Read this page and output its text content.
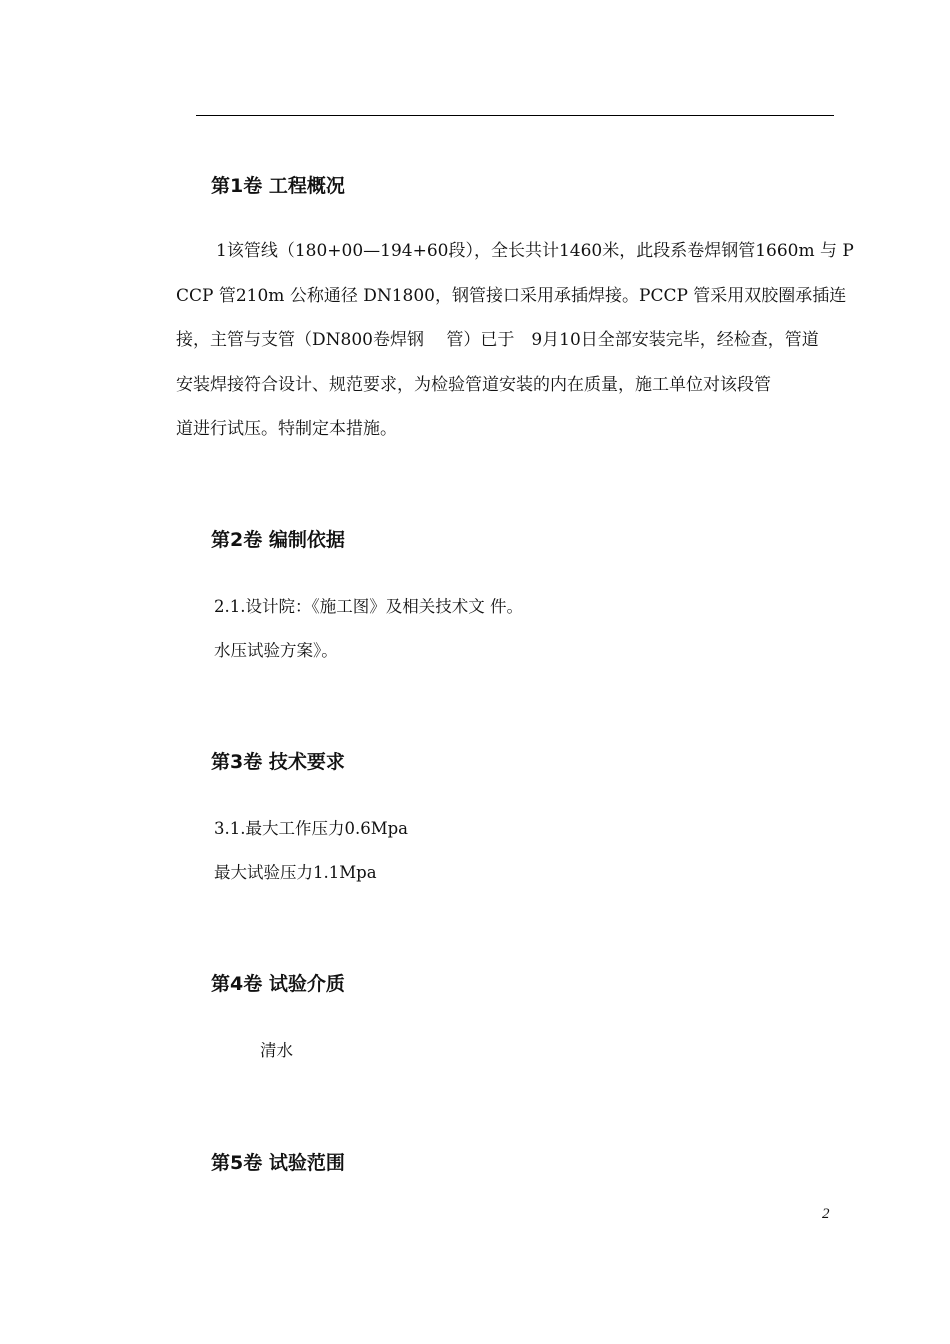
第1卷 工程概况
1该管线（180+00—194+60段），全长共计1460米，此段系卷焊钢管1660m 与 P
CCP 管210m 公称通径 DN1800，钢管接口采用承插焊接。PCCP 管采用双胶圈承插连
接，主管与支管（DN800卷焊钢　 管）已于　9月10日全部安装完毕，经检查，管道
安装焊接符合设计、规范要求，为检验管道安装的内在质量，施工单位对该段管
道进行试压。特制定本措施。
第2卷 编制依据
2.1.设计院：《施工图》及相关技术文 件。
水压试验方案》。
第3卷 技术要求
3.1.最大工作压力0.6Mpa
最大试验压力1.1Mpa
第4卷 试验介质
清水
第5卷 试验范围
2
